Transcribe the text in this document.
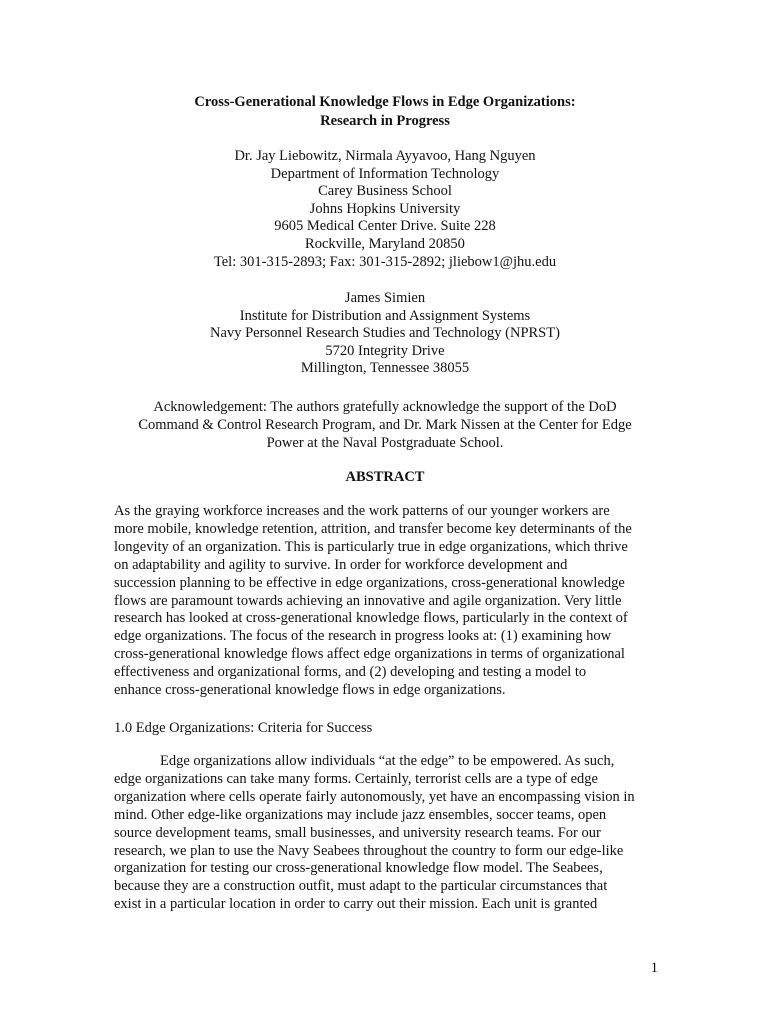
Cross-Generational Knowledge Flows in Edge Organizations:
Research in Progress
Dr. Jay Liebowitz, Nirmala Ayyavoo, Hang Nguyen
Department of Information Technology
Carey Business School
Johns Hopkins University
9605 Medical Center Drive. Suite 228
Rockville, Maryland 20850
Tel: 301-315-2893; Fax: 301-315-2892; jliebow1@jhu.edu
James Simien
Institute for Distribution and Assignment Systems
Navy Personnel Research Studies and Technology (NPRST)
5720 Integrity Drive
Millington, Tennessee 38055
Acknowledgement: The authors gratefully acknowledge the support of the DoD
Command & Control Research Program, and Dr. Mark Nissen at the Center for Edge
Power at the Naval Postgraduate School.
ABSTRACT
As the graying workforce increases and the work patterns of our younger workers are
more mobile, knowledge retention, attrition, and transfer become key determinants of the
longevity of an organization. This is particularly true in edge organizations, which thrive
on adaptability and agility to survive. In order for workforce development and
succession planning to be effective in edge organizations, cross-generational knowledge
flows are paramount towards achieving an innovative and agile organization. Very little
research has looked at cross-generational knowledge flows, particularly in the context of
edge organizations. The focus of the research in progress looks at: (1) examining how
cross-generational knowledge flows affect edge organizations in terms of organizational
effectiveness and organizational forms, and (2) developing and testing a model to
enhance cross-generational knowledge flows in edge organizations.
1.0 Edge Organizations: Criteria for Success
Edge organizations allow individuals “at the edge” to be empowered. As such,
edge organizations can take many forms. Certainly, terrorist cells are a type of edge
organization where cells operate fairly autonomously, yet have an encompassing vision in
mind. Other edge-like organizations may include jazz ensembles, soccer teams, open
source development teams, small businesses, and university research teams. For our
research, we plan to use the Navy Seabees throughout the country to form our edge-like
organization for testing our cross-generational knowledge flow model. The Seabees,
because they are a construction outfit, must adapt to the particular circumstances that
exist in a particular location in order to carry out their mission. Each unit is granted
1
